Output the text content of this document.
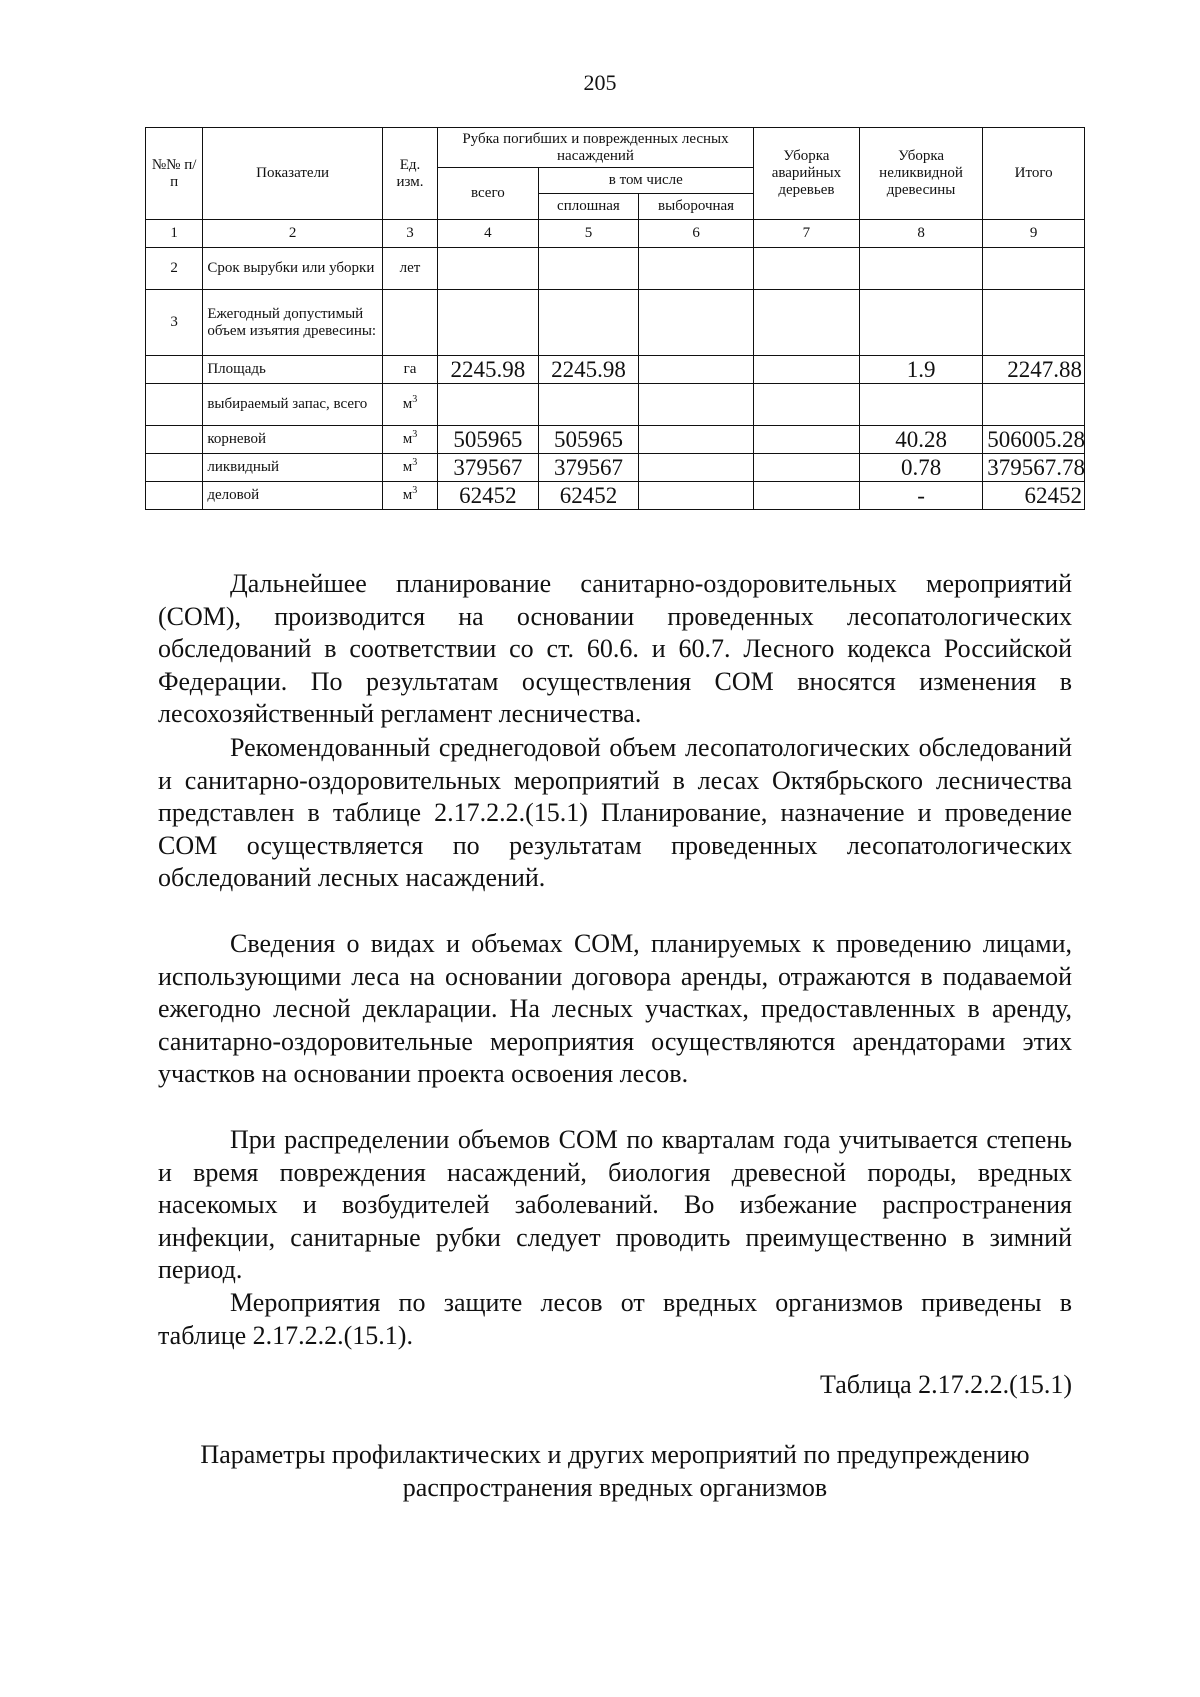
205
№№ п/п	Показатели	Ед. изм.	Рубка погибших и поврежденных лесных насаждений			Уборка аварийных деревьев	Уборка неликвидной древесины	Итого
			всего	в том числе				
				сплошная	выборочная			
1	2	3	4	5	6	7	8	9
2	Срок вырубки или уборки	лет						
3	Ежегодный допустимый объем изъятия древесины:							
	Площадь	га	2245.98	2245.98			1.9	2247.88
	выбираемый запас, всего	$м^3$						
	корневой	$м^3$	505965	505965			40.28	506005.28
	ликвидный	$м^3$	379567	379567			0.78	379567.78
	деловой	$м^3$	62452	62452			-	62452

Дальнейшее планирование санитарно-оздоровительных мероприятий (СОМ), производится на основании проведенных лесопатологических обследований в соответствии со ст. 60.6. и 60.7. Лесного кодекса Российской Федерации. По результатам осуществления СОМ вносятся изменения в лесохозяйственный регламент лесничества.

Рекомендованный среднегодовой объем лесопатологических обследований и санитарно-оздоровительных мероприятий в лесах Октябрьского лесничества представлен в таблице 2.17.2.2.(15.1) Планирование, назначение и проведение СОМ осуществляется по результатам проведенных лесопатологических обследований лесных насаждений.

Сведения о видах и объемах СОМ, планируемых к проведению лицами, использующими леса на основании договора аренды, отражаются в подаваемой ежегодно лесной декларации. На лесных участках, предоставленных в аренду, санитарно-оздоровительные мероприятия осуществляются арендаторами этих участков на основании проекта освоения лесов.

При распределении объемов СОМ по кварталам года учитывается степень и время повреждения насаждений, биология древесной породы, вредных насекомых и возбудителей заболеваний. Во избежание распространения инфекции, санитарные рубки следует проводить преимущественно в зимний период.

Мероприятия по защите лесов от вредных организмов приведены в таблице 2.17.2.2.(15.1).

Таблица 2.17.2.2.(15.1)
Параметры профилактических и других мероприятий по предупреждению
распространения вредных организмов
